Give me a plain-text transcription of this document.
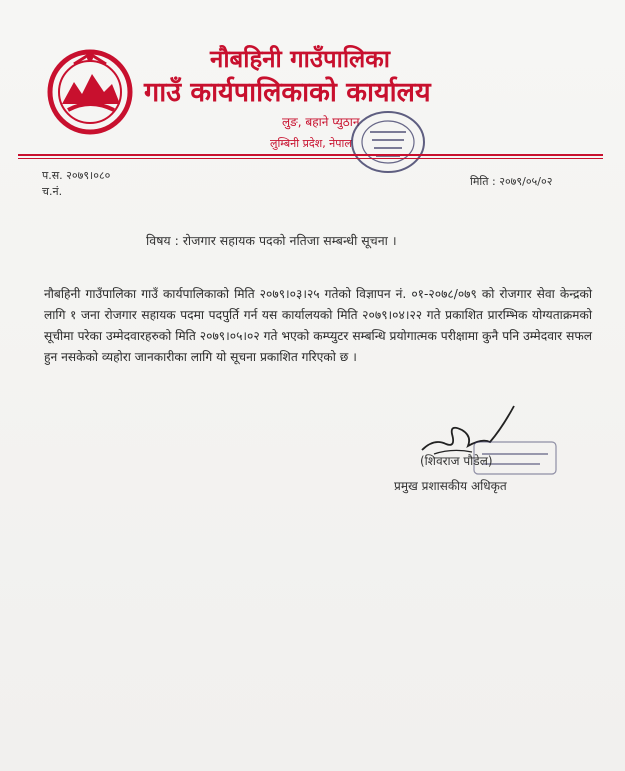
नौबहिनी गाउँपालिका
गाउँ कार्यपालिकाको कार्यालय
लुङ, बहाने प्युठान
लुम्बिनी प्रदेश, नेपाल
प.स. २०७९।०८०
च.नं.
मिति : २०७९/०५/०२
विषय : रोजगार सहायक पदको नतिजा सम्बन्धी सूचना ।
नौबहिनी गाउँपालिका गाउँ कार्यपालिकाको मिति २०७९।०३।२५ गतेको विज्ञापन नं. ०१-२०७८/०७९ को रोजगार सेवा केन्द्रको लागि १ जना रोजगार सहायक पदमा पदपुर्ति गर्न यस कार्यालयको मिति २०७९।०४।२२ गते प्रकाशित प्रारम्भिक योग्यताक्रमको सूचीमा परेका उम्मेदवारहरुको मिति २०७९।०५।०२ गते भएको कम्प्युटर सम्बन्धि प्रयोगात्मक परीक्षामा कुनै पनि उम्मेदवार सफल हुन नसकेको व्यहोरा जानकारीका लागि यो सूचना प्रकाशित गरिएको छ ।
(शिवराज पौडेल)
प्रमुख प्रशासकीय अधिकृत
